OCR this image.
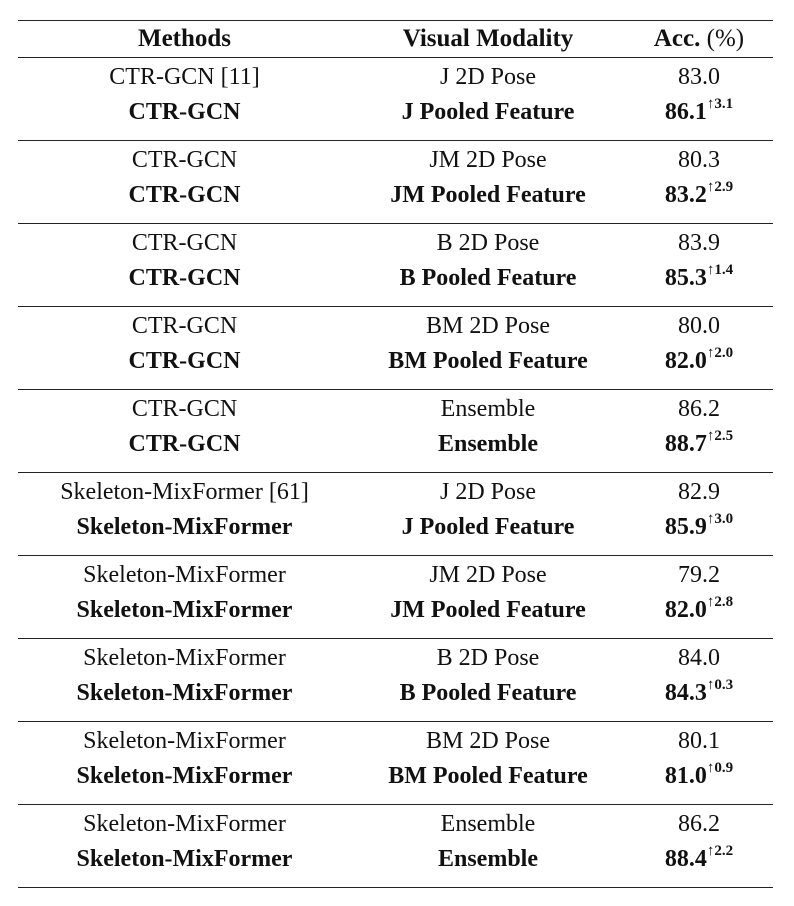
Methods	Visual Modality	Acc. (%)
CTR-GCN [11]	J 2D Pose	83.0
CTR-GCN	J Pooled Feature	$86.1^{↑3.1}$
CTR-GCN	JM 2D Pose	80.3
CTR-GCN	JM Pooled Feature	$83.2^{↑2.9}$
CTR-GCN	B 2D Pose	83.9
CTR-GCN	B Pooled Feature	$85.3^{↑1.4}$
CTR-GCN	BM 2D Pose	80.0
CTR-GCN	BM Pooled Feature	$82.0^{↑2.0}$
CTR-GCN	Ensemble	86.2
CTR-GCN	Ensemble	$88.7^{↑2.5}$
Skeleton-MixFormer [61]	J 2D Pose	82.9
Skeleton-MixFormer	J Pooled Feature	$85.9^{↑3.0}$
Skeleton-MixFormer	JM 2D Pose	79.2
Skeleton-MixFormer	JM Pooled Feature	$82.0^{↑2.8}$
Skeleton-MixFormer	B 2D Pose	84.0
Skeleton-MixFormer	B Pooled Feature	$84.3^{↑0.3}$
Skeleton-MixFormer	BM 2D Pose	80.1
Skeleton-MixFormer	BM Pooled Feature	$81.0^{↑0.9}$
Skeleton-MixFormer	Ensemble	86.2
Skeleton-MixFormer	Ensemble	$88.4^{↑2.2}$
